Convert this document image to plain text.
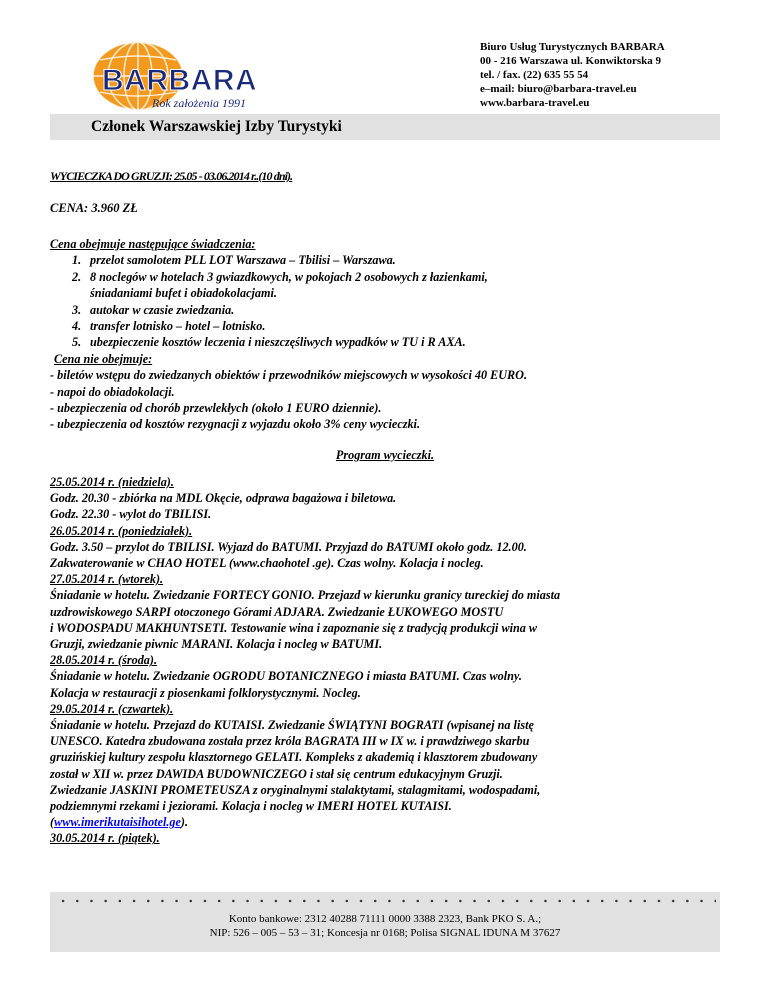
BARBARA
Rok założenia 1991
Biuro Usług Turystycznych BARBARA
00 - 216 Warszawa ul. Konwiktorska 9
tel. / fax. (22) 635 55 54
e–mail: biuro@barbara-travel.eu
www.barbara-travel.eu
Członek Warszawskiej Izby Turystyki
WYCIECZKA DO GRUZJI: 25.05 - 03.06.2014 r..(10 dni).
CENA: 3.960 ZŁ
Cena obejmuje następujące świadczenia:
1. przelot samolotem PLL LOT Warszawa – Tbilisi – Warszawa.
2. 8 noclegów w hotelach 3 gwiazdkowych, w pokojach 2 osobowych z łazienkami,
śniadaniami bufet i obiadokolacjami.
3. autokar w czasie zwiedzania.
4. transfer lotnisko – hotel – lotnisko.
5. ubezpieczenie kosztów leczenia i nieszczęśliwych wypadków w TU i R AXA.
Cena nie obejmuje:
- biletów wstępu do zwiedzanych obiektów i przewodników miejscowych w wysokości 40 EURO.
- napoi do obiadokolacji.
- ubezpieczenia od chorób przewlekłych (około 1 EURO dziennie).
- ubezpieczenia od kosztów rezygnacji z wyjazdu około 3% ceny wycieczki.
Program wycieczki.
25.05.2014 r. (niedziela).
Godz. 20.30 - zbiórka na MDL Okęcie, odprawa bagażowa i biletowa.
Godz. 22.30 - wylot do TBILISI.
26.05.2014 r. (poniedziałek).
Godz. 3.50 – przylot do TBILISI. Wyjazd do BATUMI. Przyjazd do BATUMI około godz. 12.00.
Zakwaterowanie w CHAO HOTEL (www.chaohotel .ge). Czas wolny. Kolacja i nocleg.
27.05.2014 r. (wtorek).
Śniadanie w hotelu. Zwiedzanie FORTECY GONIO. Przejazd w kierunku granicy tureckiej do miasta
uzdrowiskowego SARPI otoczonego Górami ADJARA. Zwiedzanie ŁUKOWEGO MOSTU
i WODOSPADU MAKHUNTSETI. Testowanie wina i zapoznanie się z tradycją produkcji wina w
Gruzji, zwiedzanie piwnic MARANI. Kolacja i nocleg w BATUMI.
28.05.2014 r. (środa).
Śniadanie w hotelu. Zwiedzanie OGRODU BOTANICZNEGO i miasta BATUMI. Czas wolny.
Kolacja w restauracji z piosenkami folklorystycznymi. Nocleg.
29.05.2014 r. (czwartek).
Śniadanie w hotelu. Przejazd do KUTAISI. Zwiedzanie ŚWIĄTYNI BOGRATI (wpisanej na listę
UNESCO. Katedra zbudowana została przez króla BAGRATA III w IX w. i prawdziwego skarbu
gruzińskiej kultury zespołu klasztornego GELATI. Kompleks z akademią i klasztorem zbudowany
został w XII w. przez DAWIDA BUDOWNICZEGO i stał się centrum edukacyjnym Gruzji.
Zwiedzanie JASKINI PROMETEUSZA z oryginalnymi stalaktytami, stalagmitami, wodospadami,
podziemnymi rzekami i jeziorami. Kolacja i nocleg w IMERI HOTEL KUTAISI.
(www.imerikutaisihotel.ge).
30.05.2014 r. (piątek).
Konto bankowe: 2312 40288 71111 0000 3388 2323, Bank PKO S. A.;
NIP: 526 – 005 – 53 – 31; Koncesja nr 0168; Polisa SIGNAL IDUNA M 37627
